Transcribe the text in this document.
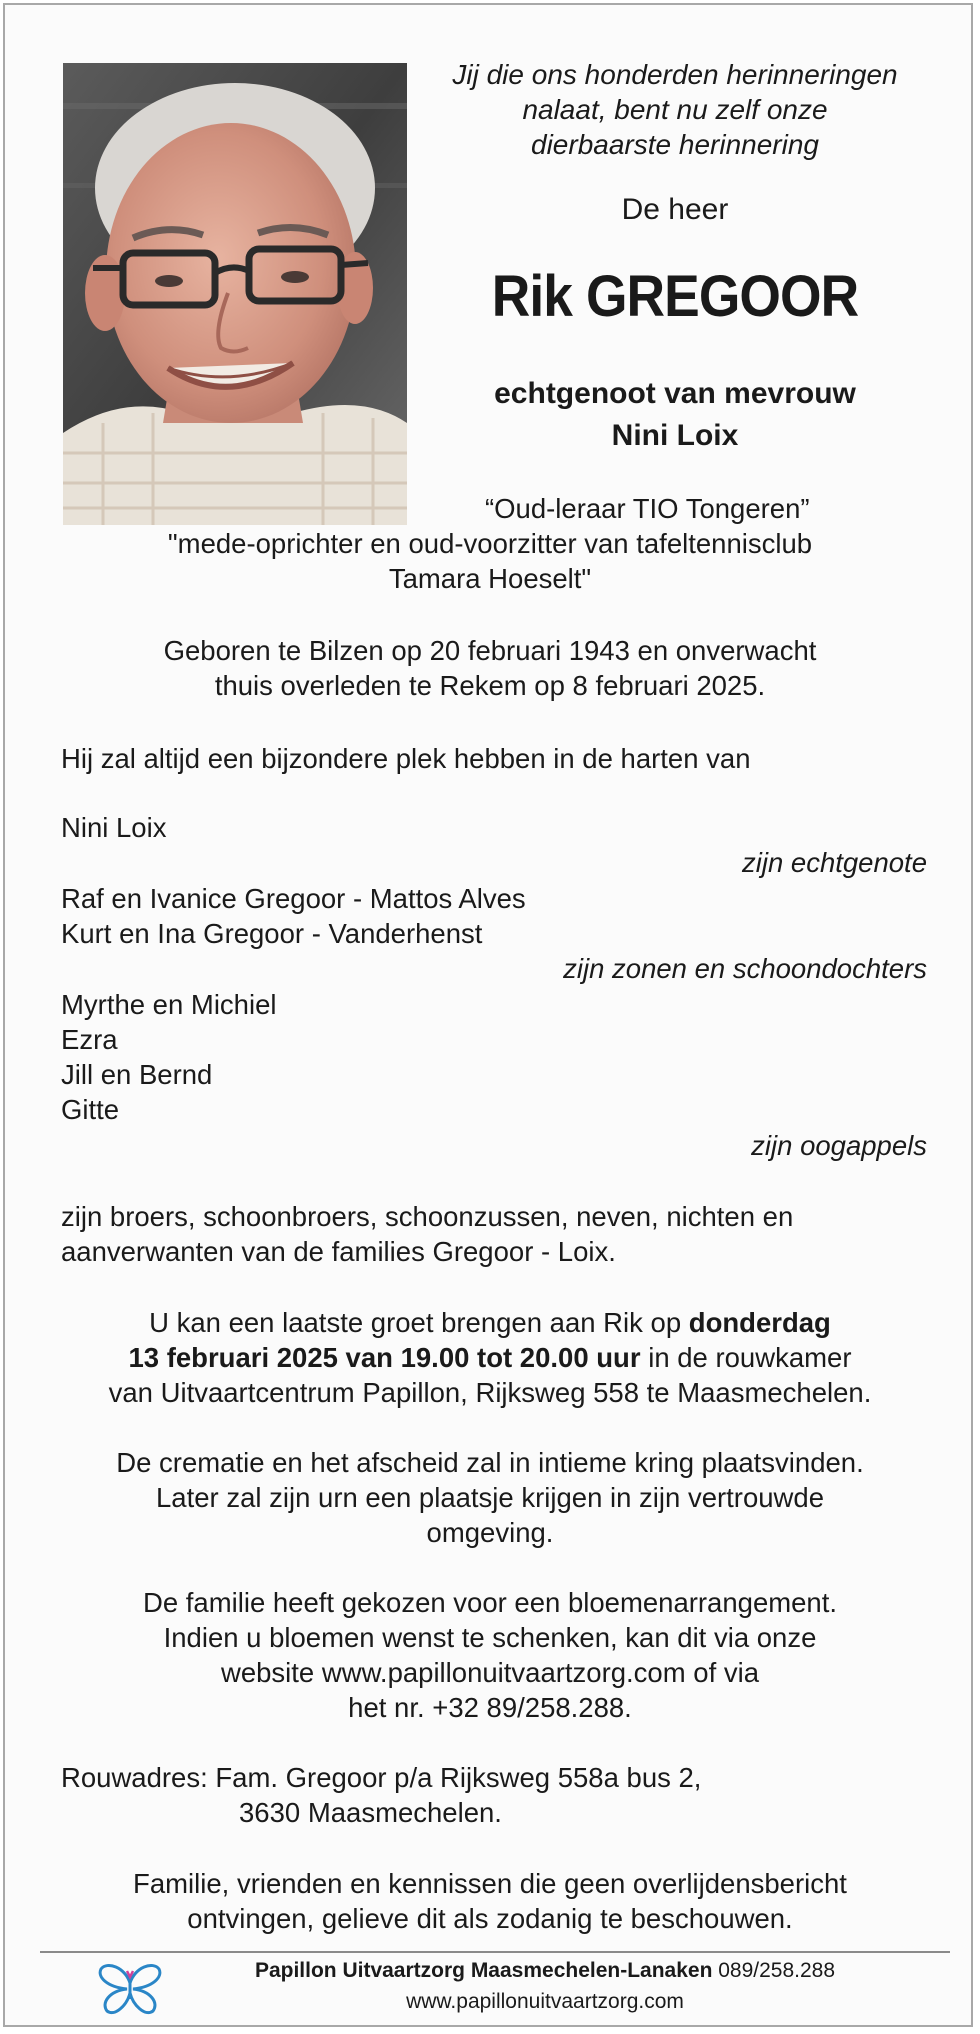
Jij die ons honderden herinneringen
nalaat, bent nu zelf onze
dierbaarste herinnering
De heer
Rik GREGOOR
echtgenoot van mevrouw
Nini Loix
“Oud-leraar TIO Tongeren”
"mede-oprichter en oud-voorzitter van tafeltennisclub
Tamara Hoeselt"
Geboren te Bilzen op 20 februari 1943 en onverwacht
thuis overleden te Rekem op 8 februari 2025.
Hij zal altijd een bijzondere plek hebben in de harten van
Nini Loix
zijn echtgenote
Raf en Ivanice Gregoor - Mattos Alves
Kurt en Ina Gregoor - Vanderhenst
zijn zonen en schoondochters
Myrthe en Michiel
Ezra
Jill en Bernd
Gitte
zijn oogappels
zijn broers, schoonbroers, schoonzussen, neven, nichten en
aanverwanten van de families Gregoor - Loix.
U kan een laatste groet brengen aan Rik op donderdag
13 februari 2025 van 19.00 tot 20.00 uur in de rouwkamer
van Uitvaartcentrum Papillon, Rijksweg 558 te Maasmechelen.
De crematie en het afscheid zal in intieme kring plaatsvinden.
Later zal zijn urn een plaatsje krijgen in zijn vertrouwde
omgeving.
De familie heeft gekozen voor een bloemenarrangement.
Indien u bloemen wenst te schenken, kan dit via onze
website www.papillonuitvaartzorg.com of via
het nr. +32 89/258.288.
Rouwadres: Fam. Gregoor p/a Rijksweg 558a bus 2,
3630 Maasmechelen.
Familie, vrienden en kennissen die geen overlijdensbericht
ontvingen, gelieve dit als zodanig te beschouwen.
Papillon Uitvaartzorg Maasmechelen-Lanaken 089/258.288
www.papillonuitvaartzorg.com
